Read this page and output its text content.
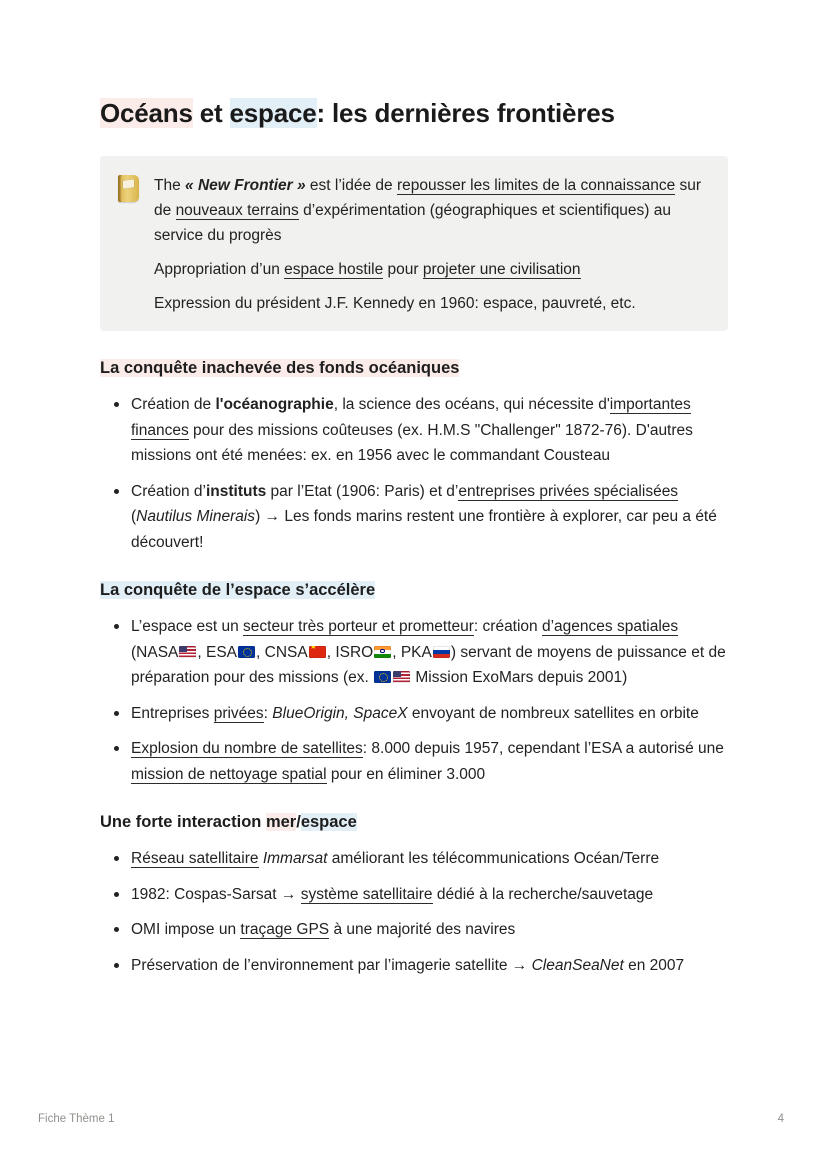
Océans et espace: les dernières frontières

The « New Frontier » est l’idée de repousser les limites de la connaissance sur de nouveaux terrains d’expérimentation (géographiques et scientifiques) au service du progrès

Appropriation d’un espace hostile pour projeter une civilisation

Expression du président J.F. Kennedy en 1960: espace, pauvreté, etc.

La conquête inachevée des fonds océaniques
Création de l'océanographie, la science des océans, qui nécessite d'importantes finances pour des missions coûteuses (ex. H.M.S "Challenger" 1872-76). D'autres missions ont été menées: ex. en 1956 avec le commandant Cousteau
Création d’instituts par l’Etat (1906: Paris) et d’entreprises privées spécialisées (Nautilus Minerais) → Les fonds marins restent une frontière à explorer, car peu a été découvert!
La conquête de l’espace s’accélère
L’espace est un secteur très porteur et prometteur: création d’agences spatiales (NASA , ESA , CNSA ★ , ISRO , PKA ) servant de moyens de puissance et de préparation pour des missions (ex.  Mission ExoMars depuis 2001)
Entreprises privées: BlueOrigin, SpaceX envoyant de nombreux satellites en orbite
Explosion du nombre de satellites: 8.000 depuis 1957, cependant l’ESA a autorisé une mission de nettoyage spatial pour en éliminer 3.000
Une forte interaction mer/espace
Réseau satellitaire Immarsat améliorant les télécommunications Océan/Terre
1982: Cospas-Sarsat → système satellitaire dédié à la recherche/sauvetage
OMI impose un traçage GPS à une majorité des navires
Préservation de l’environnement par l’imagerie satellite → CleanSeaNet en 2007
Fiche Thème 1	4
